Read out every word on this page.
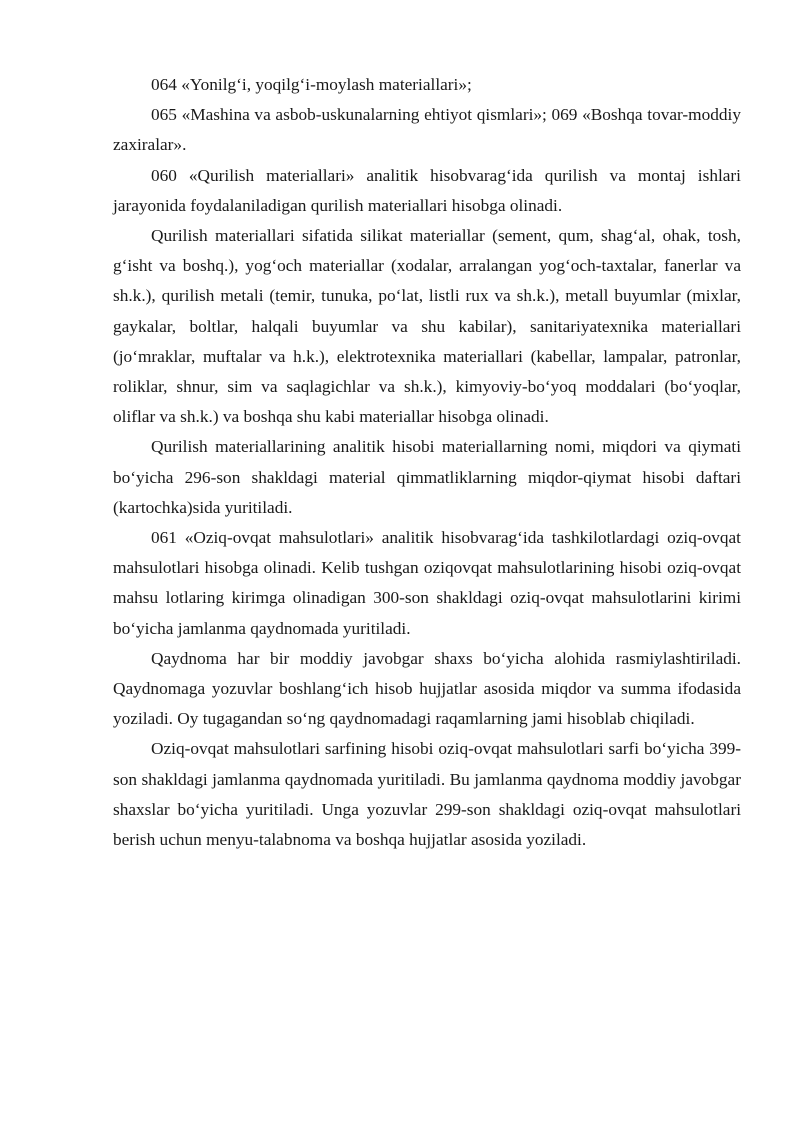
064 «Yonilg‘i, yoqilg‘i-moylash materiallari»;

065 «Mashina va asbob-uskunalarning ehtiyot qismlari»; 069 «Boshqa tovar-moddiy zaxiralar».

060 «Qurilish materiallari» analitik hisobvarag‘ida qurilish va montaj ishlari jarayonida foydalaniladigan qurilish materiallari hisobga olinadi.

Qurilish materiallari sifatida silikat materiallar (sement, qum, shag‘al, ohak, tosh, g‘isht va boshq.), yog‘och materiallar (xodalar, arralangan yog‘och-taxtalar, fanerlar va sh.k.), qurilish metali (temir, tunuka, po‘lat, listli rux va sh.k.), metall buyumlar (mixlar, gaykalar, boltlar, halqali buyumlar va shu kabilar), sanitariyatexnika materiallari (jo‘mraklar, muftalar va h.k.), elektrotexnika materiallari (kabellar, lampalar, patronlar, roliklar, shnur, sim va saqlagichlar va sh.k.), kimyoviy-bo‘yoq moddalari (bo‘yoqlar, oliflar va sh.k.) va boshqa shu kabi materiallar hisobga olinadi.

Qurilish materiallarining analitik hisobi materiallarning nomi, miqdori va qiymati bo‘yicha 296-son shakldagi material qimmatliklarning miqdor-qiymat hisobi daftari (kartochka)sida yuritiladi.

061 «Oziq-ovqat mahsulotlari» analitik hisobvarag‘ida tashkilotlardagi oziq-ovqat mahsulotlari hisobga olinadi. Kelib tushgan oziqovqat mahsulotlarining hisobi oziq-ovqat mahsu lotlaring kirimga olinadigan 300-son shakldagi oziq-ovqat mahsulotlarini kirimi bo‘yicha jamlanma qaydnomada yuritiladi.

Qaydnoma har bir moddiy javobgar shaxs bo‘yicha alohida rasmiylashtiriladi. Qaydnomaga yozuvlar boshlang‘ich hisob hujjatlar asosida miqdor va summa ifodasida yoziladi. Oy tugagandan so‘ng qaydnomadagi raqamlarning jami hisoblab chiqiladi.

Oziq-ovqat mahsulotlari sarfining hisobi oziq-ovqat mahsulotlari sarfi bo‘yicha 399-son shakldagi jamlanma qaydnomada yuritiladi. Bu jamlanma qaydnoma moddiy javobgar shaxslar bo‘yicha yuritiladi. Unga yozuvlar 299-son shakldagi oziq-ovqat mahsulotlari berish uchun menyu-talabnoma va boshqa hujjatlar asosida yoziladi.
